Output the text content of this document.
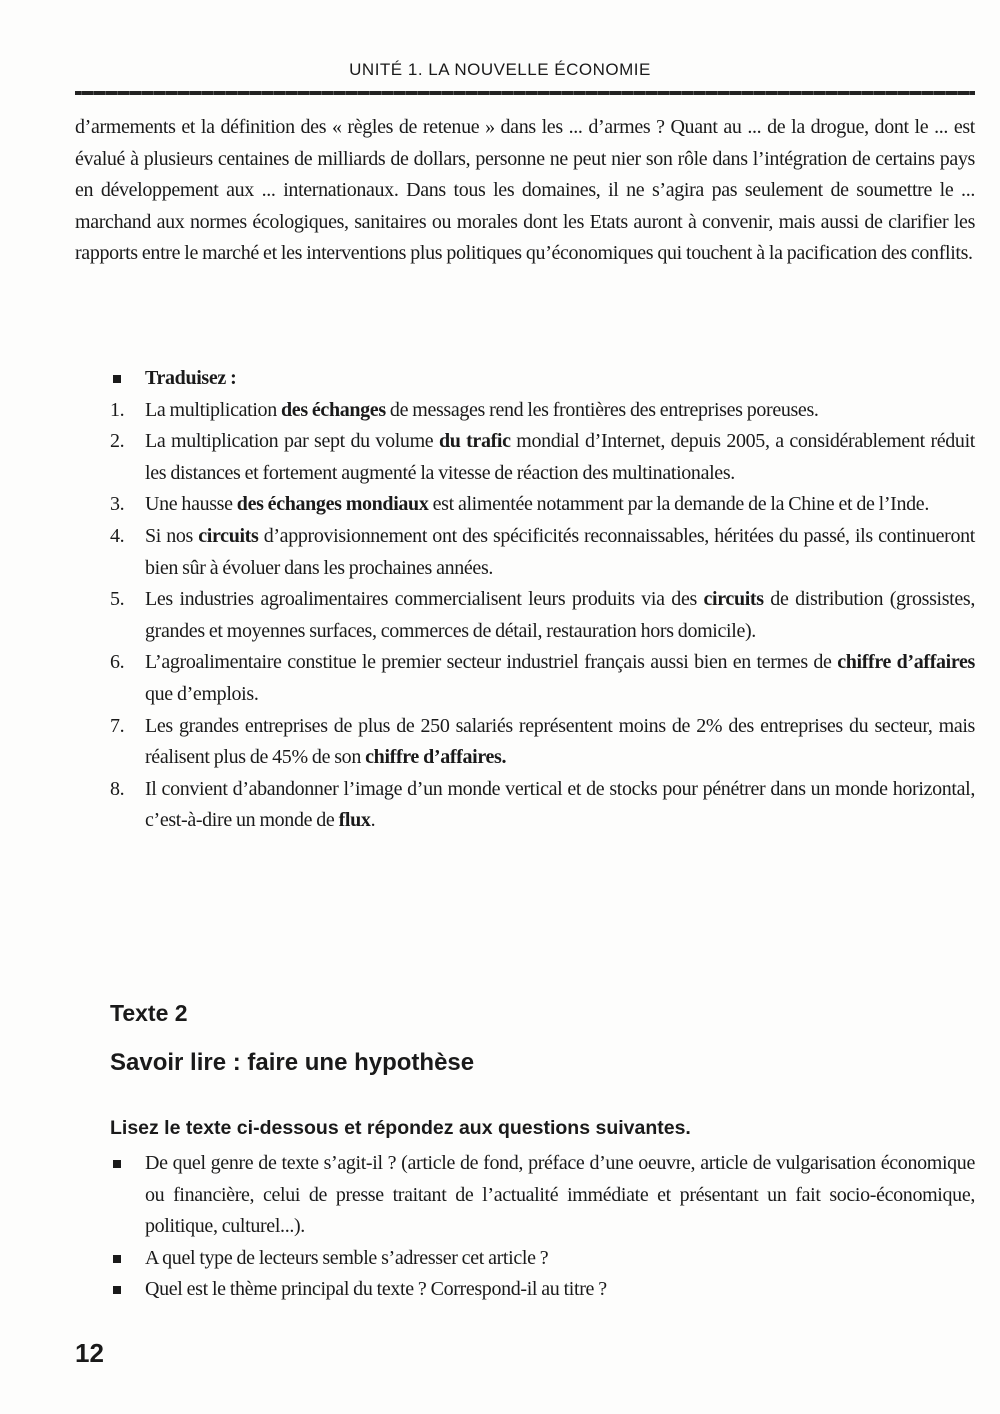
UNITÉ 1. LA NOUVELLE ÉCONOMIE
d’armements et la définition des « règles de retenue » dans les ... d’armes ? Quant au ... de la drogue, dont le ... est évalué à plusieurs centaines de milliards de dollars, personne ne peut nier son rôle dans l’intégration de certains pays en développement aux ... internationaux. Dans tous les domaines, il ne s’agira pas seulement de soumettre le ... marchand aux normes écologiques, sanitaires ou morales dont les Etats auront à convenir, mais aussi de clarifier les rapports entre le marché et les interventions plus politiques qu’économiques qui touchent à la pacification des conflits.
Traduisez :
1. La multiplication des échanges de messages rend les frontières des entreprises poreuses.
2. La multiplication par sept du volume du trafic mondial d’Internet, depuis 2005, a considérablement réduit les distances et fortement augmenté la vitesse de réaction des multinationales.
3. Une hausse des échanges mondiaux est alimentée notamment par la demande de la Chine et de l’Inde.
4. Si nos circuits d’approvisionnement ont des spécificités reconnaissables, héritées du passé, ils continueront bien sûr à évoluer dans les prochaines années.
5. Les industries agroalimentaires commercialisent leurs produits via des circuits de distribution (grossistes, grandes et moyennes surfaces, commerces de détail, restauration hors domicile).
6. L’agroalimentaire constitue le premier secteur industriel français aussi bien en termes de chiffre d’affaires que d’emplois.
7. Les grandes entreprises de plus de 250 salariés représentent moins de 2% des entreprises du secteur, mais réalisent plus de 45% de son chiffre d’affaires.
8. Il convient d’abandonner l’image d’un monde vertical et de stocks pour pénétrer dans un monde horizontal, c’est-à-dire un monde de flux.
Texte 2
Savoir lire : faire une hypothèse
Lisez le texte ci-dessous et répondez aux questions suivantes.
De quel genre de texte s’agit-il ? (article de fond, préface d’une oeuvre, article de vulgarisation économique ou financière, celui de presse traitant de l’actualité immédiate et présentant un fait socio-économique, politique, culturel...).
A quel type de lecteurs semble s’adresser cet article ?
Quel est le thème principal du texte ? Correspond-il au titre ?
12
